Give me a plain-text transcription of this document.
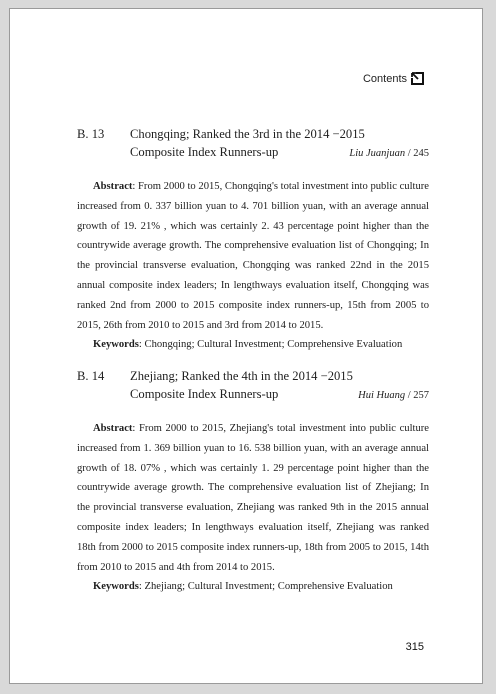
Contents
B. 13	Chongqing; Ranked the 3rd in the 2014 −2015
Composite Index Runners-up	Liu Juanjuan / 245

Abstract: From 2000 to 2015, Chongqing's total investment into public culture increased from 0. 337 billion yuan to 4. 701 billion yuan, with an average annual growth of 19. 21% , which was certainly 2. 43 percentage point higher than the countrywide average growth. The comprehensive evaluation list of Chongqing; In the provincial transverse evaluation, Chongqing was ranked 22nd in the 2015 annual composite index leaders; In lengthways evaluation itself, Chongqing was ranked 2nd from 2000 to 2015 composite index runners-up, 15th from 2005 to 2015, 26th from 2010 to 2015 and 3rd from 2014 to 2015.

Keywords: Chongqing; Cultural Investment; Comprehensive Evaluation
B. 14	Zhejiang; Ranked the 4th in the 2014 −2015
Composite Index Runners-up	Hui Huang / 257

Abstract: From 2000 to 2015, Zhejiang's total investment into public culture increased from 1. 369 billion yuan to 16. 538 billion yuan, with an average annual growth of 18. 07% , which was certainly 1. 29 percentage point higher than the countrywide average growth. The comprehensive evaluation list of Zhejiang; In the provincial transverse evaluation, Zhejiang was ranked 9th in the 2015 annual composite index leaders; In lengthways evaluation itself, Zhejiang was ranked 18th from 2000 to 2015 composite index runners-up, 18th from 2005 to 2015, 14th from 2010 to 2015 and 4th from 2014 to 2015.

Keywords: Zhejiang; Cultural Investment; Comprehensive Evaluation
315
